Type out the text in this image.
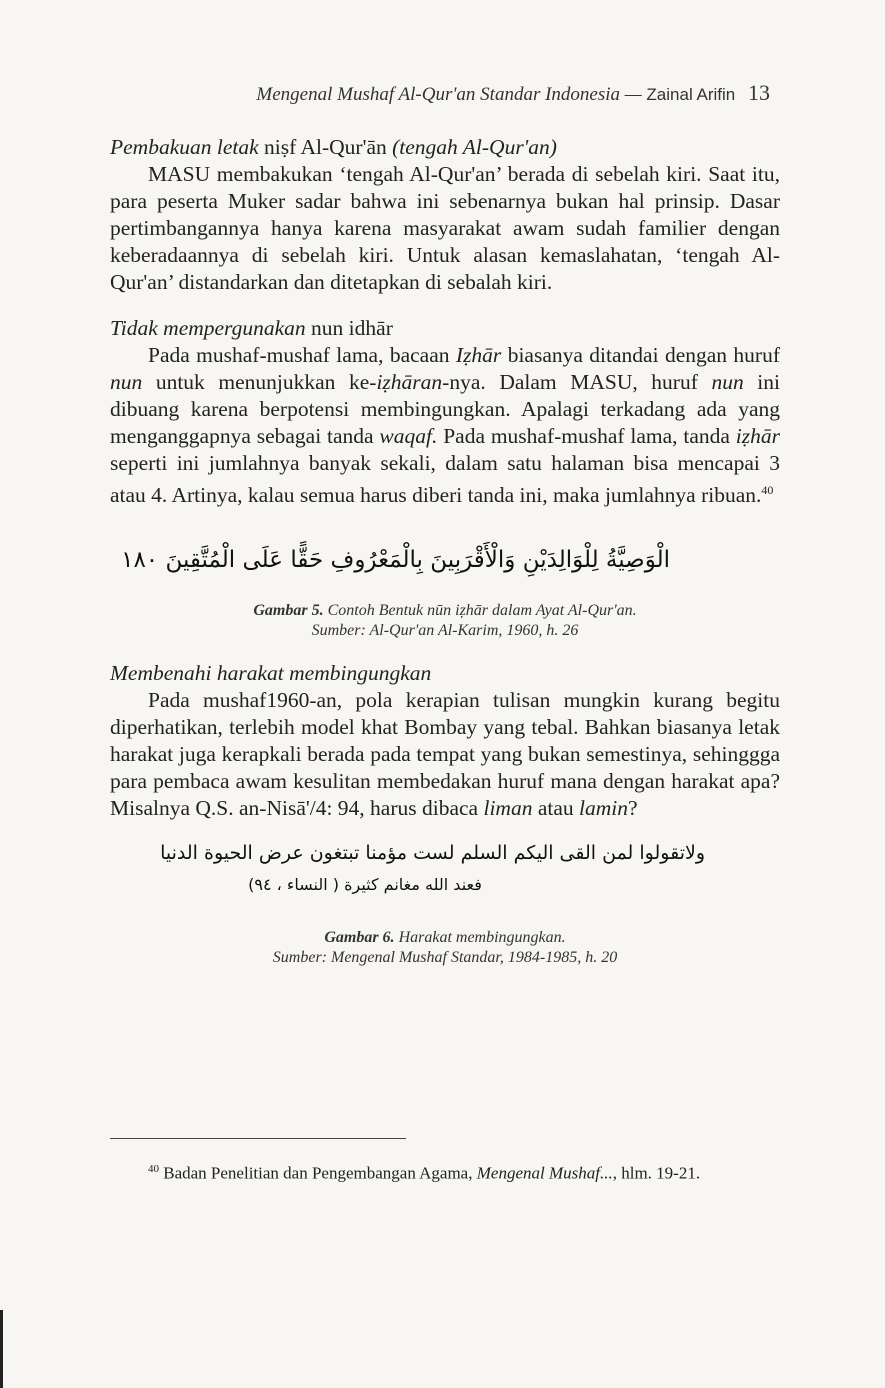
Mengenal Mushaf Al-Qur'an Standar Indonesia — Zainal Arifin 13

Pembakuan letak niṣf Al-Qur'ān (tengah Al-Qur'an)

MASU membakukan ‘tengah Al-Qur'an’ berada di sebelah kiri. Saat itu, para peserta Muker sadar bahwa ini sebenarnya bukan hal prinsip. Dasar pertimbangannya hanya karena masyarakat awam sudah familier dengan keberadaannya di sebelah kiri. Untuk alasan kemaslahatan, ‘tengah Al-Qur'an’ distandarkan dan ditetapkan di sebalah kiri.

Tidak mempergunakan nun idhār

Pada mushaf-mushaf lama, bacaan Iẓhār biasanya ditandai dengan huruf nun untuk menunjukkan ke-iẓhāran-nya. Dalam MASU, huruf nun ini dibuang karena berpotensi membingungkan. Apalagi terkadang ada yang menganggapnya sebagai tanda waqaf. Pada mushaf-mushaf lama, tanda iẓhār seperti ini jumlahnya banyak sekali, dalam satu halaman bisa mencapai 3 atau 4. Artinya, kalau semua harus diberi tanda ini, maka jumlahnya ribuan.$^{40}$

الْوَصِيَّةُ لِلْوَالِدَيْنِ وَالْأَقْرَبِينَ بِالْمَعْرُوفِ حَقًّا عَلَى الْمُتَّقِينَ ١٨٠
Gambar 5. Contoh Bentuk nūn iẓhār dalam Ayat Al-Qur'an.
Sumber: Al-Qur'an Al-Karim, 1960, h. 26

Membenahi harakat membingungkan

Pada mushaf1960-an, pola kerapian tulisan mungkin kurang begitu diperhatikan, terlebih model khat Bombay yang tebal. Bahkan biasanya letak harakat juga kerapkali berada pada tempat yang bukan semestinya, sehinggga para pembaca awam kesulitan membedakan huruf mana dengan harakat apa? Misalnya Q.S. an-Nisā'/4: 94, harus dibaca liman atau lamin?

ولاتقولوا لمن القى اليكم السلم لست مؤمنا تبتغون عرض الحيوة الدنيا
فعند الله مغانم كثيرة ( النساء ، ٩٤)
Gambar 6. Harakat membingungkan.
Sumber: Mengenal Mushaf Standar, 1984-1985, h. 20
$^{40}$ Badan Penelitian dan Pengembangan Agama, Mengenal Mushaf..., hlm. 19-21.
